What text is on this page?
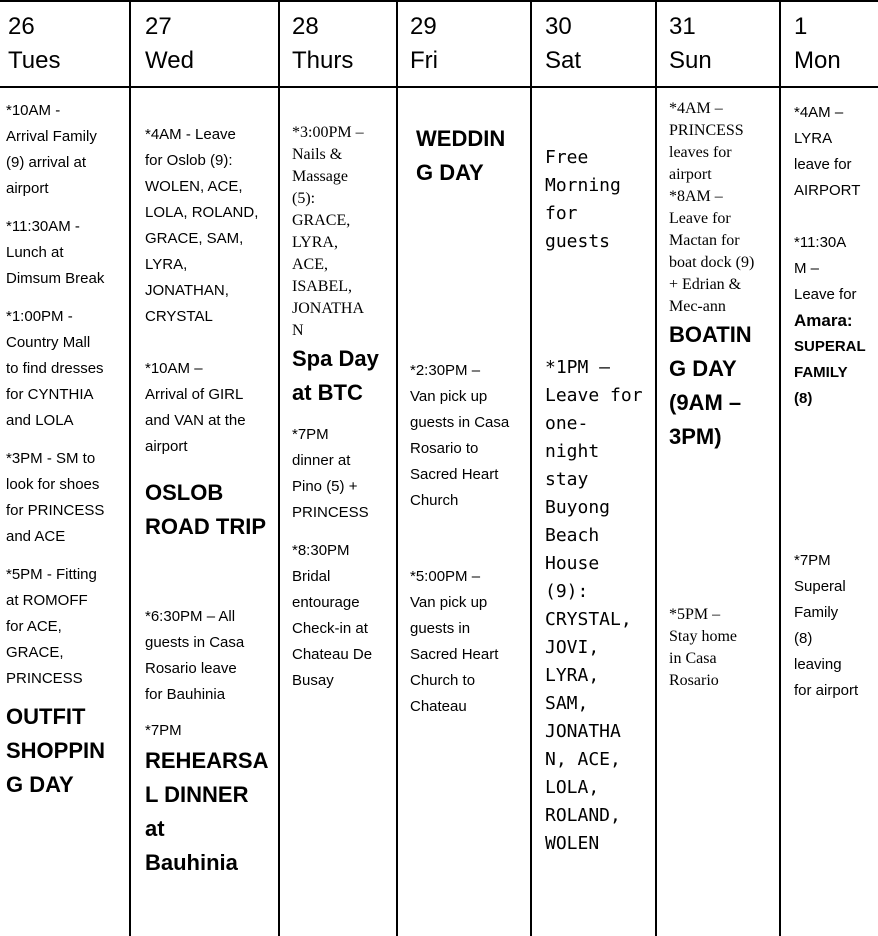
26
Tues
27
Wed
28
Thurs
29
Fri
30
Sat
31
Sun
1
Mon

*10AM -
Arrival Family
(9) arrival at
airport

*11:30AM -
Lunch at
Dimsum Break

*1:00PM -
Country Mall
to find dresses
for CYNTHIA
and LOLA

*3PM - SM to
look for shoes
for PRINCESS
and ACE

*5PM - Fitting
at ROMOFF
for ACE,
GRACE,
PRINCESS

OUTFIT
SHOPPIN
G DAY

*4AM - Leave
for Oslob (9):
WOLEN, ACE,
LOLA, ROLAND,
GRACE, SAM,
LYRA,
JONATHAN,
CRYSTAL

*10AM –
Arrival of GIRL
and VAN at the
airport

OSLOB
ROAD TRIP

*6:30PM – All
guests in Casa
Rosario leave
for Bauhinia

*7PM

REHEARSA
L DINNER
at
Bauhinia
*3:00PM –
Nails &
Massage
(5):
GRACE,
LYRA,
ACE,
ISABEL,
JONATHA
N
Spa Day
at BTC

*7PM
dinner at
Pino (5) +
PRINCESS

*8:30PM
Bridal
entourage
Check-in at
Chateau De
Busay

WEDDIN
G DAY

*2:30PM –
Van pick up
guests in Casa
Rosario to
Sacred Heart
Church

*5:00PM –
Van pick up
guests in
Sacred Heart
Church to
Chateau

Free
Morning
for
guests
*1PM –
Leave for
one-
night
stay
Buyong
Beach
House
(9):
CRYSTAL,
JOVI,
LYRA,
SAM,
JONATHA
N, ACE,
LOLA,
ROLAND,
WOLEN
*4AM –
PRINCESS
leaves for
airport
*8AM –
Leave for
Mactan for
boat dock (9)
+ Edrian &
Mec-ann
BOATIN
G DAY
(9AM –
3PM)
*5PM –
Stay home
in Casa
Rosario

*4AM –
LYRA
leave for
AIRPORT

*11:30A
M –
Leave for

Amara:
SUPERAL
FAMILY
(8)

*7PM
Superal
Family
(8)
leaving
for airport
